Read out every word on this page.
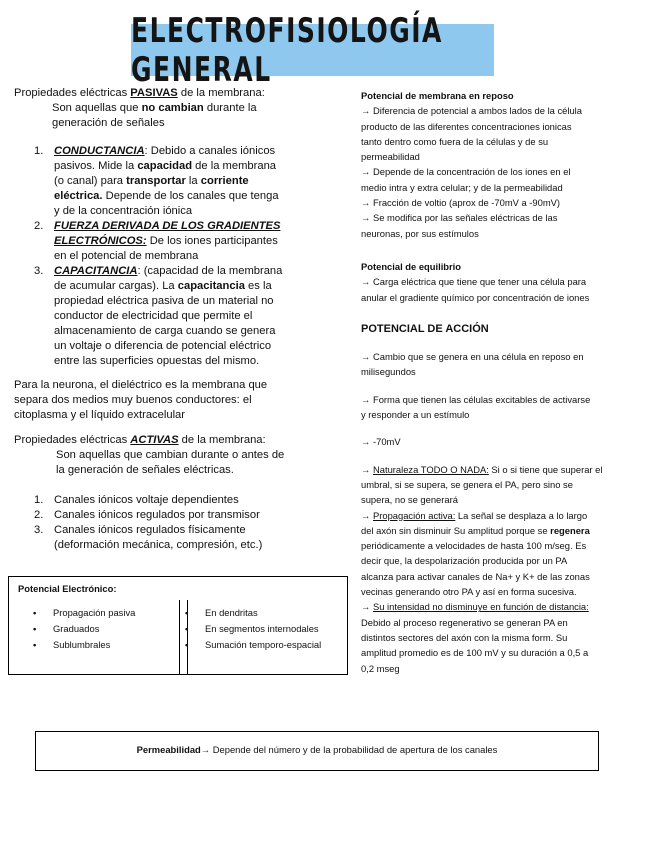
ELECTROFISIOLOGÍA GENERAL

Propiedades eléctricas PASIVAS de la membrana:

Son aquellas que no cambian durante la
generación de señales

1. CONDUCTANCIA: Debido a canales iónicos
pasivos. Mide la capacidad de la membrana
(o canal) para transportar la corriente
eléctrica. Depende de los canales que tenga
y de la concentración iónica
2. FUERZA DERIVADA DE LOS GRADIENTES
ELECTRÓNICOS: De los iones participantes
en el potencial de membrana
3. CAPACITANCIA: (capacidad de la membrana
de acumular cargas). La capacitancia es la
propiedad eléctrica pasiva de un material no
conductor de electricidad que permite el
almacenamiento de carga cuando se genera
un voltaje o diferencia de potencial eléctrico
entre las superficies opuestas del mismo.

Para la neurona, el dieléctrico es la membrana que
separa dos medios muy buenos conductores: el
citoplasma y el líquido extracelular

Propiedades eléctricas ACTIVAS de la membrana:

Son aquellas que cambian durante o antes de
la generación de señales eléctricas.

1. Canales iónicos voltaje dependientes
2. Canales iónicos regulados por transmisor
3. Canales iónicos regulados físicamente
(deformación mecánica, compresión, etc.)

Potencial de membrana en reposo

→ Diferencia de potencial a ambos lados de la célula
producto de las diferentes concentraciones ionicas
tanto dentro como fuera de la células y de su
permeabilidad
→ Depende de la concentración de los iones en el
medio intra y extra celular; y de la permeabilidad
→ Fracción de voltio (aprox de -70mV a -90mV)
→ Se modifica por las señales eléctricas de las
neuronas, por sus estímulos

Potencial de equilibrio

→ Carga eléctrica que tiene que tener una célula para
anular el gradiente químico por concentración de iones

POTENCIAL DE ACCIÓN

→ Cambio que se genera en una célula en reposo en
milisegundos

→ Forma que tienen las células excitables de activarse
y responder a un estímulo

→ -70mV

→ Naturaleza TODO O NADA: Si o si tiene que superar el
umbral, si se supera, se genera el PA, pero sino se
supera, no se generará

→ Propagación activa: La señal se desplaza a lo largo
del axón sin disminuir Su amplitud porque se regenera
periódicamente a velocidades de hasta 100 m/seg. Es
decir que, la despolarización producida por un PA
alcanza para activar canales de Na+ y K+ de las zonas
vecinas generando otro PA y así en forma sucesiva.

→ Su intensidad no disminuye en función de distancia:
Debido al proceso regenerativo se generan PA en
distintos sectores del axón con la misma form. Su
amplitud promedio es de 100 mV y su duración a 0,5 a
0,2 mseg

Potencial Electrónico:
• Propagación pasiva
• Graduados
• Sublumbrales
• En dendritas
• En segmentos internodales
• Sumación temporo-espacial
Permeabilidad→ Depende del número y de la probabilidad de apertura de los canales
